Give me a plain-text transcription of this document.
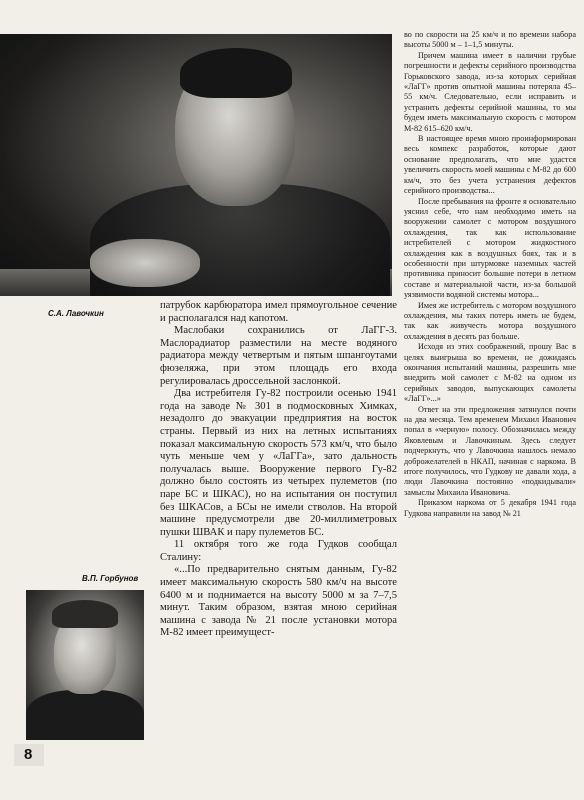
С.А. Лавочкин
В.П. Горбунов

патрубок карбюратора имел прямоугольное сечение и располагался над капотом.

Маслобаки сохранились от ЛаГГ-3. Маслорадиатор разместили на месте водяного радиатора между четвертым и пятым шпангоутами фюзеляжа, при этом площадь его входа регулировалась дроссельной заслонкой.

Два истребителя Гу-82 построили осенью 1941 года на заводе № 301 в подмосковных Химках, незадолго до эвакуации предприятия на восток страны. Первый из них на летных испытаниях показал максимальную скорость 573 км/ч, что было чуть меньше чем у «ЛаГГа», зато дальность получалась выше. Вооружение первого Гу-82 должно было состоять из четырех пулеметов (по паре БС и ШКАС), но на испытания он поступил без ШКАСов, а БСы не имели стволов. На второй машине предусмотрели две 20-миллиметровых пушки ШВАК и пару пулеметов БС.

11 октября того же года Гудков сообщал Сталину:

«...По предварительно снятым данным, Гу-82 имеет максимальную скорость 580 км/ч на высоте 6400 м и поднимается на высоту 5000 м за 7–7,5 минут. Таким образом, взятая мною серийная машина с завода № 21 после установки мотора М-82 имеет преимущест-

во по скорости на 25 км/ч и по времени набора высоты 5000 м – 1–1,5 минуты.

Причем машина имеет в наличии грубые погрешности и дефекты серийного производства Горьковского завода, из-за которых серийная «ЛаГГ» против опытной машины потеряла 45–55 км/ч. Следовательно, если исправить и устранить дефекты серийной машины, то мы будем иметь максимальную скорость с мотором М-82 615–620 км/ч.

В настоящее время мною проинформирован весь компекс разработок, которые дают основание предполагать, что мне удастся увеличить скорость моей машины с М-82 до 600 км/ч, это без учета устранения дефектов серийного производства...

После пребывания на фронте я основательно уяснил себе, что нам необходимо иметь на вооружении самолет с мотором воздушного охлаждения, так как использование истребителей с мотором жидкостного охлаждения как в воздушных боях, так и в особенности при штурмовке наземных частей противника приносит большие потери в летном составе и материальной части, из-за большой уязвимости водяной системы мотора...

Имея же истребитель с мотором воздушного охлаждения, мы таких потерь иметь не будем, так как живучесть мотора воздушного охлаждения в десять раз больше.

Исходя из этих соображений, прошу Вас в целях выигрыша во времени, не дожидаясь окончания испытаний машины, разрешить мне внедрить мой самолет с М-82 на одном из серийных заводов, выпускающих самолеты «ЛаГГ»...»

Ответ на эти предложения затянулся почти на два месяца. Тем временем Михаил Иванович попал в «черную» полосу. Обозначилась между Яковлевым и Лавочкиным. Здесь следует подчеркнуть, что у Лавочкина нашлось немало доброжелателей в НКАП, начиная с наркома. В итоге получилось, что Гудкову не давали хода, а люди Лавочкина постоянно «подкидывали» замыслы Михаила Ивановича.

Приказом наркома от 5 декабря 1941 года Гудкова направили на завод № 21

8
